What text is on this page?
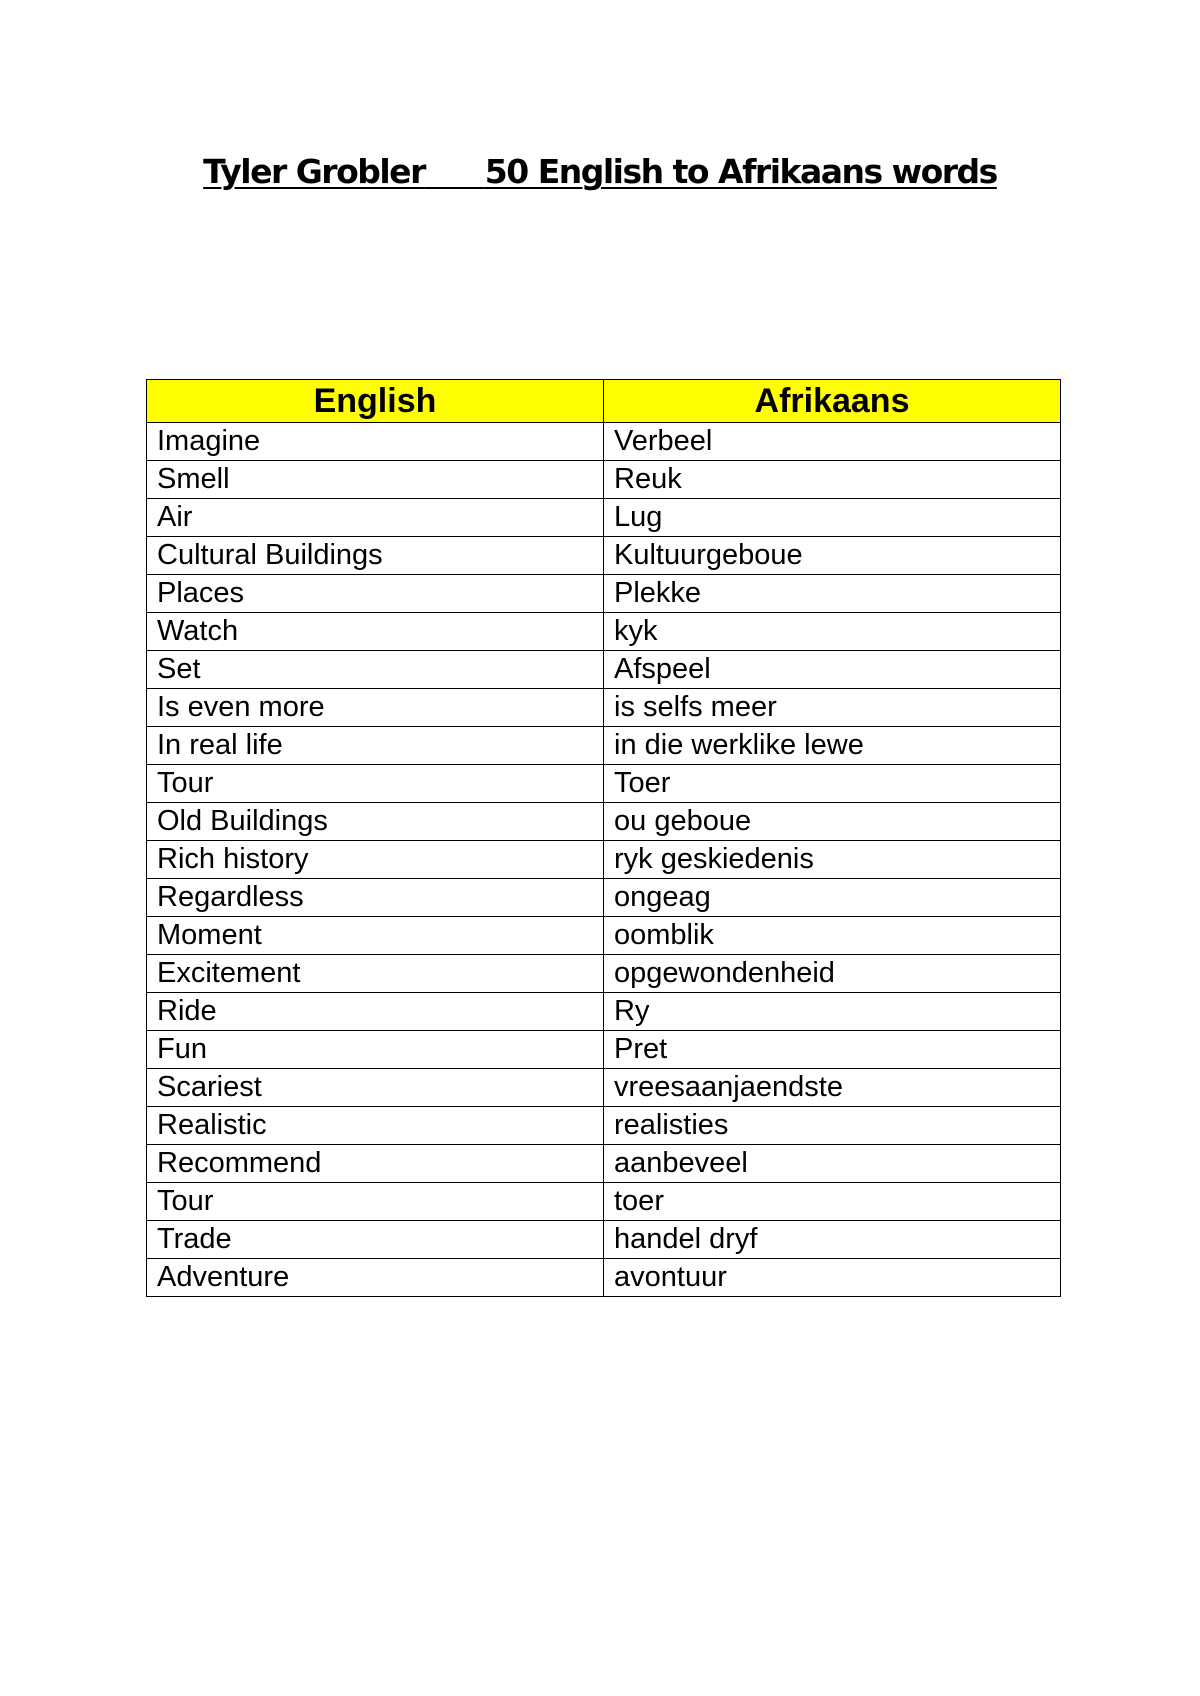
Tyler Grobler 50 English to Afrikaans words
English	Afrikaans
Imagine	Verbeel
Smell	Reuk
Air	Lug
Cultural Buildings	Kultuurgeboue
Places	Plekke
Watch	kyk
Set	Afspeel
Is even more	is selfs meer
In real life	in die werklike lewe
Tour	Toer
Old Buildings	ou geboue
Rich history	ryk geskiedenis
Regardless	ongeag
Moment	oomblik
Excitement	opgewondenheid
Ride	Ry
Fun	Pret
Scariest	vreesaanjaendste
Realistic	realisties
Recommend	aanbeveel
Tour	toer
Trade	handel dryf
Adventure	avontuur
